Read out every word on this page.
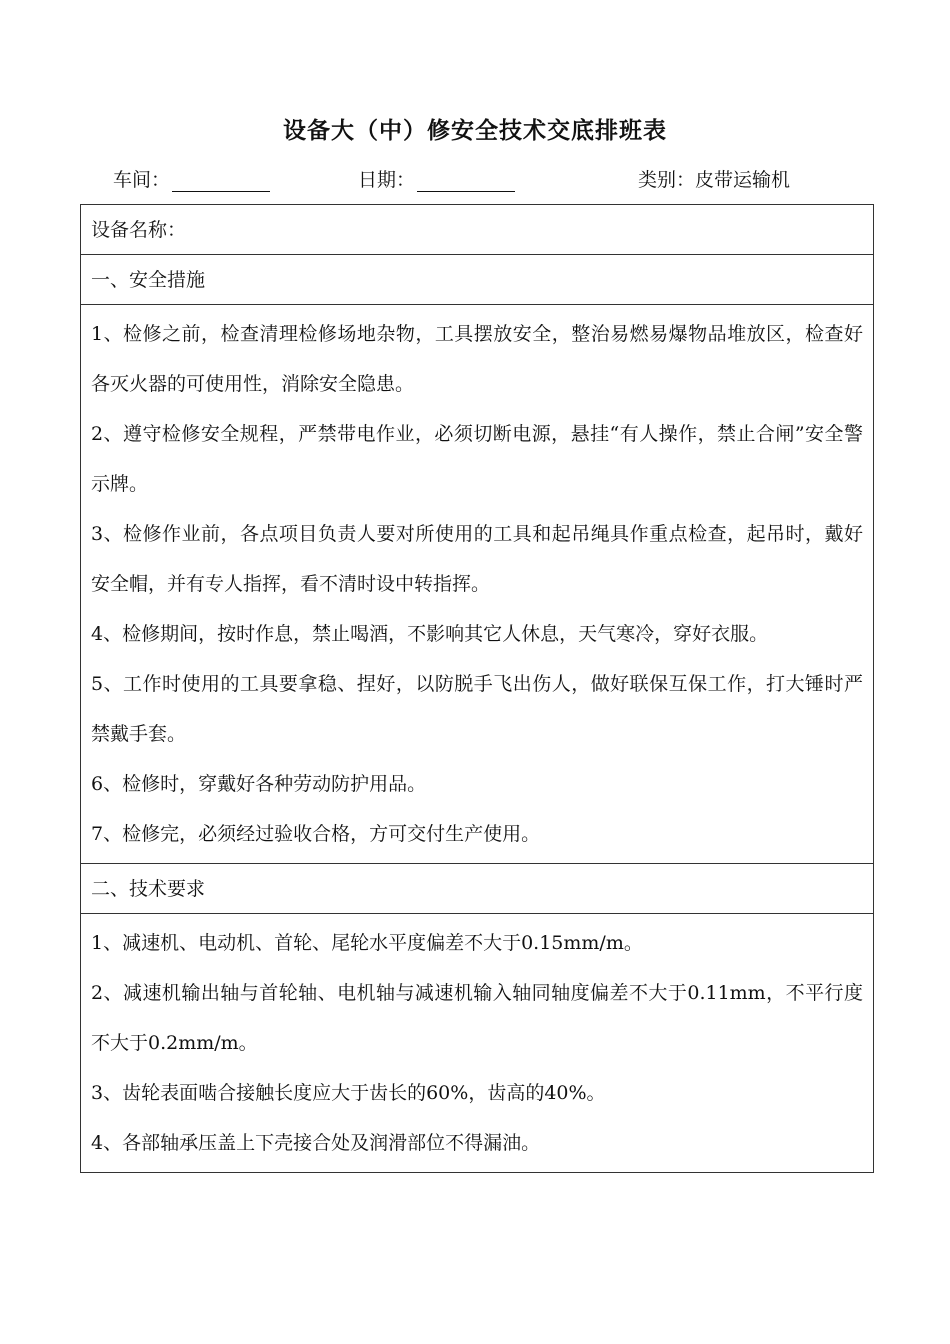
设备大（中）修安全技术交底排班表
车间：	日期：	类别：皮带运输机
设备名称：
一、安全措施
1、检修之前，检查清理检修场地杂物，工具摆放安全，整治易燃易爆物品堆放区，检查好各灭火器的可使用性，消除安全隐患。
2、遵守检修安全规程，严禁带电作业，必须切断电源，悬挂“有人操作，禁止合闸”安全警示牌。
3、检修作业前，各点项目负责人要对所使用的工具和起吊绳具作重点检查，起吊时，戴好安全帽，并有专人指挥，看不清时设中转指挥。
4、检修期间，按时作息，禁止喝酒，不影响其它人休息，天气寒冷，穿好衣服。
5、工作时使用的工具要拿稳、捏好，以防脱手飞出伤人，做好联保互保工作，打大锤时严禁戴手套。
6、检修时，穿戴好各种劳动防护用品。
7、检修完，必须经过验收合格，方可交付生产使用。
二、技术要求
1、减速机、电动机、首轮、尾轮水平度偏差不大于0.15mm/m。
2、减速机输出轴与首轮轴、电机轴与减速机输入轴同轴度偏差不大于0.11mm，不平行度不大于0.2mm/m。
3、齿轮表面啮合接触长度应大于齿长的60%，齿高的40%。
4、各部轴承压盖上下壳接合处及润滑部位不得漏油。
